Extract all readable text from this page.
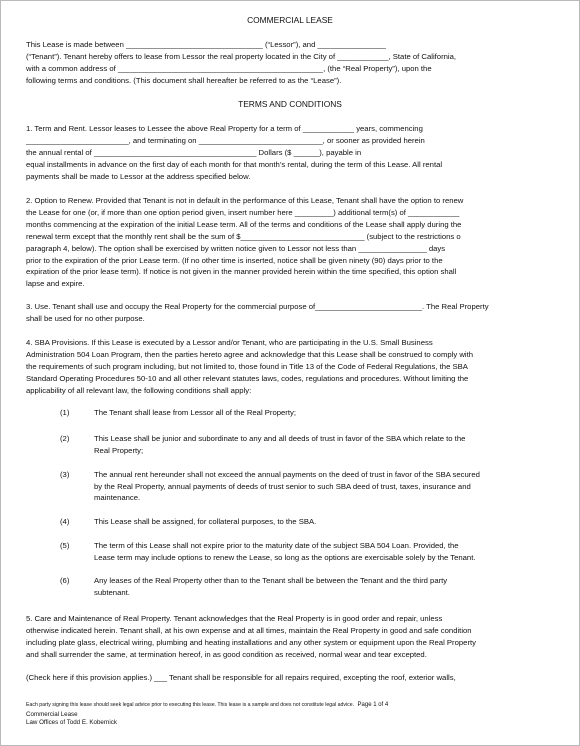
COMMERCIAL LEASE
This Lease is made between ________________________________ (“Lessor”), and ________________
(“Tenant”). Tenant hereby offers to lease from Lessor the real property located in the City of ____________, State of California,
with a common address of ________________________________________________, (the “Real Property”), upon the
following terms and conditions. (This document shall hereafter be referred to as the “Lease”).
TERMS AND CONDITIONS
1. Term and Rent. Lessor leases to Lessee the above Real Property for a term of ____________ years, commencing
________________________, and terminating on _____________________________, or sooner as provided herein
the annual rental of ______________________________________ Dollars ($ ______), payable in
equal installments in advance on the first day of each month for that month’s rental, during the term of this Lease. All rental
payments shall be made to Lessor at the address specified below.
2. Option to Renew. Provided that Tenant is not in default in the performance of this Lease, Tenant shall have the option to renew
the Lease for one (or, if more than one option period given, insert number here _________) additional term(s) of ____________
months commencing at the expiration of the initial Lease term. All of the terms and conditions of the Lease shall apply during the
renewal term except that the monthly rent shall be the sum of $_____________________________ (subject to the restrictions o
paragraph 4, below). The option shall be exercised by written notice given to Lessor not less than ________________ days
prior to the expiration of the prior Lease term. (If no other time is inserted, notice shall be given ninety (90) days prior to the
expiration of the prior lease term). If notice is not given in the manner provided herein within the time specified, this option shall
lapse and expire.
3. Use. Tenant shall use and occupy the Real Property for the commercial purpose of_________________________. The Real Property
shall be used for no other purpose.
4. SBA Provisions. If this Lease is executed by a Lessor and/or Tenant, who are participating in the U.S. Small Business
Administration 504 Loan Program, then the parties hereto agree and acknowledge that this Lease shall be construed to comply with
the requirements of such program including, but not limited to, those found in Title 13 of the Code of Federal Regulations, the SBA
Standard Operating Procedures 50-10 and all other relevant statutes laws, codes, regulations and procedures. Without limiting the
applicability of all relevant law, the following conditions shall apply:
(1)	The Tenant shall lease from Lessor all of the Real Property;
(2)	This Lease shall be junior and subordinate to any and all deeds of trust in favor of the SBA which relate to the
Real Property;
(3)	The annual rent hereunder shall not exceed the annual payments on the deed of trust in favor of the SBA secured
by the Real Property, annual payments of deeds of trust senior to such SBA deed of trust, taxes, insurance and
maintenance.
(4)	This Lease shall be assigned, for collateral purposes, to the SBA.
(5)	The term of this Lease shall not expire prior to the maturity date of the subject SBA 504 Loan. Provided, the
Lease term may include options to renew the Lease, so long as the options are exercisable solely by the Tenant.
(6)	Any leases of the Real Property other than to the Tenant shall be between the Tenant and the third party
subtenant.
5. Care and Maintenance of Real Property. Tenant acknowledges that the Real Property is in good order and repair, unless
otherwise indicated herein. Tenant shall, at his own expense and at all times, maintain the Real Property in good and safe condition
including plate glass, electrical wiring, plumbing and heating installations and any other system or equipment upon the Real Property
and shall surrender the same, at termination hereof, in as good condition as received, normal wear and tear excepted.
(Check here if this provision applies.) ___ Tenant shall be responsible for all repairs required, excepting the roof, exterior walls,
Each party signing this lease should seek legal advice prior to executing this lease. This lease is a sample and does not constitute legal advice. Page 1 of 4
Commercial Lease
Law Offices of Todd E. Kobernick
